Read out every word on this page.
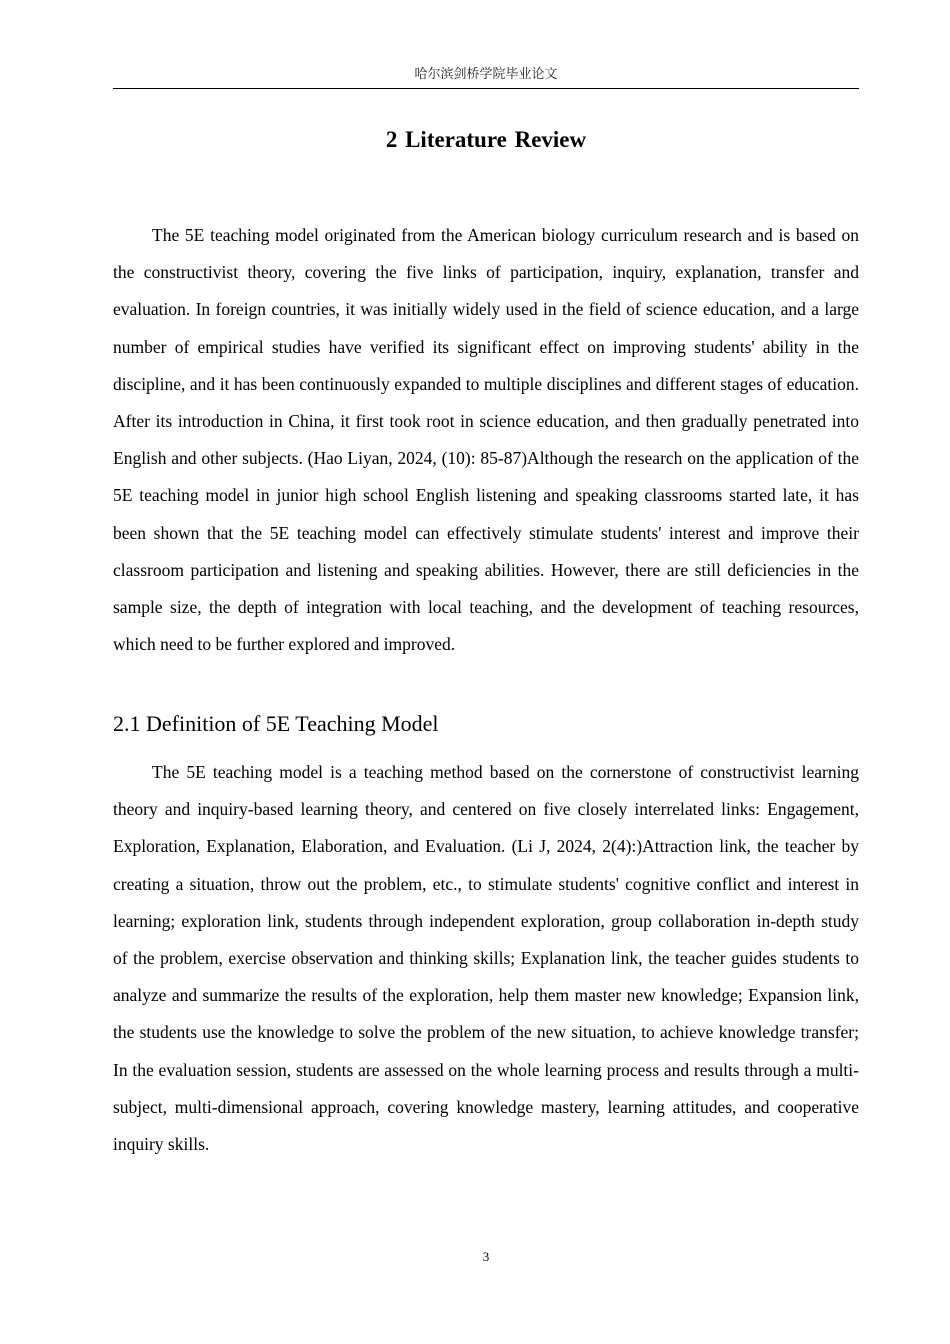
哈尔滨剑桥学院毕业论文
2 Literature Review

The 5E teaching model originated from the American biology curriculum research and is based on the constructivist theory, covering the five links of participation, inquiry, explanation, transfer and evaluation. In foreign countries, it was initially widely used in the field of science education, and a large number of empirical studies have verified its significant effect on improving students' ability in the discipline, and it has been continuously expanded to multiple disciplines and different stages of education. After its introduction in China, it first took root in science education, and then gradually penetrated into English and other subjects. (Hao Liyan, 2024, (10): 85-87)Although the research on the application of the 5E teaching model in junior high school English listening and speaking classrooms started late, it has been shown that the 5E teaching model can effectively stimulate students' interest and improve their classroom participation and listening and speaking abilities. However, there are still deficiencies in the sample size, the depth of integration with local teaching, and the development of teaching resources, which need to be further explored and improved.

2.1 Definition of 5E Teaching Model

The 5E teaching model is a teaching method based on the cornerstone of constructivist learning theory and inquiry-based learning theory, and centered on five closely interrelated links: Engagement, Exploration, Explanation, Elaboration, and Evaluation. (Li J, 2024, 2(4):)Attraction link, the teacher by creating a situation, throw out the problem, etc., to stimulate students' cognitive conflict and interest in learning; exploration link, students through independent exploration, group collaboration in-depth study of the problem, exercise observation and thinking skills; Explanation link, the teacher guides students to analyze and summarize the results of the exploration, help them master new knowledge; Expansion link, the students use the knowledge to solve the problem of the new situation, to achieve knowledge transfer; In the evaluation session, students are assessed on the whole learning process and results through a multi-subject, multi-dimensional approach, covering knowledge mastery, learning attitudes, and cooperative inquiry skills.

3
